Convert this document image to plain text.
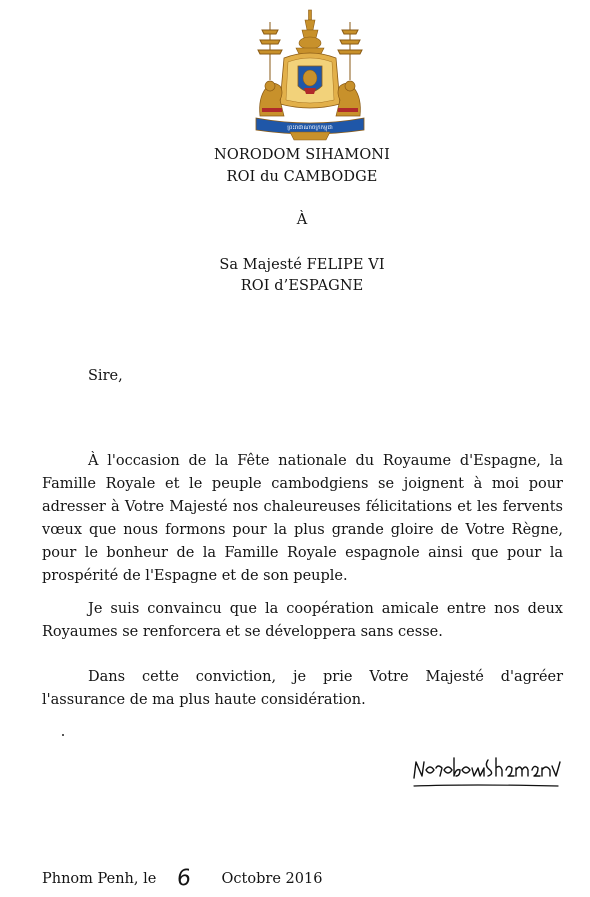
ព្រះរាជាណាចក្រកម្ពុជា
NORODOM SIHAMONI
ROI du CAMBODGE
À
Sa Majesté FELIPE VI
ROI d’ESPAGNE
Sire,

À l'occasion de la Fête nationale du Royaume d'Espagne, la Famille Royale et le peuple cambodgiens se joignent à moi pour adresser à Votre Majesté nos chaleureuses félicitations et les fervents vœux que nous formons pour la plus grande gloire de Votre Règne, pour le bonheur de la Famille Royale espagnole ainsi que pour la prospérité de l'Espagne et de son peuple.

Je suis convaincu que la coopération amicale entre nos deux Royaumes se renforcera et se développera sans cesse.

Dans cette conviction, je prie Votre Majesté d'agréer l'assurance de ma plus haute considération.

Phnom Penh, le 6 Octobre 2016
